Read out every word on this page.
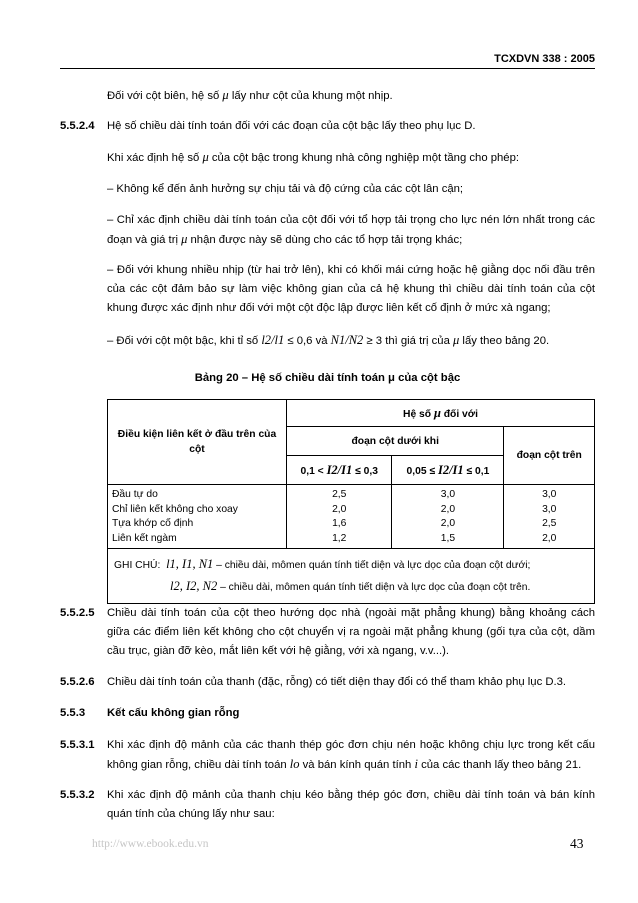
TCXDVN 338 : 2005
Đối với cột biên, hệ số μ lấy như cột của khung một nhịp.
5.5.2.4 Hệ số chiều dài tính toán đối với các đoạn của cột bậc lấy theo phụ lục D.
Khi xác định hệ số μ của cột bậc trong khung nhà công nghiệp một tầng cho phép:
– Không kể đến ảnh hưởng sự chịu tải và độ cứng của các cột lân cận;
– Chỉ xác định chiều dài tính toán của cột đối với tổ hợp tải trọng cho lực nén lớn nhất trong các đoạn và giá trị μ nhận được này sẽ dùng cho các tổ hợp tải trọng khác;
– Đối với khung nhiều nhịp (từ hai trở lên), khi có khối mái cứng hoặc hệ giằng dọc nối đầu trên của các cột đảm bảo sự làm việc không gian của cả hệ khung thì chiều dài tính toán của cột khung được xác định như đối với một cột độc lập được liên kết cố định ở mức xà ngang;
– Đối với cột một bậc, khi tỉ số l2/l1 ≤ 0,6 và N1/N2 ≥ 3 thì giá trị của μ lấy theo bảng 20.
Bảng 20 – Hệ số chiều dài tính toán μ của cột bậc
Điều kiện liên kết ở đầu trên của cột	Hệ số μ đối với		
	đoạn cột dưới khi		đoạn cột trên
	0,1 < I2/I1 ≤ 0,3	0,05 ≤ I2/I1 ≤ 0,1	
Đầu tự do	2,5	3,0	3,0
Chỉ liên kết không cho xoay	2,0	2,0	3,0
Tựa khớp cố định	1,6	2,0	2,5
Liên kết ngàm	1,2	1,5	2,0

GHI CHÚ: l1, I1, N1 – chiều dài, mômen quán tính tiết diện và lực dọc của đoạn cột dưới;
l2, I2, N2 – chiều dài, mômen quán tính tiết diện và lực dọc của đoạn cột trên.			
5.5.2.5 Chiều dài tính toán của cột theo hướng dọc nhà (ngoài mặt phẳng khung) bằng khoảng cách giữa các điểm liên kết không cho cột chuyển vị ra ngoài mặt phẳng khung (gối tựa của cột, dầm cầu trục, giàn đỡ kèo, mắt liên kết với hệ giằng, với xà ngang, v.v...).
5.5.2.6 Chiều dài tính toán của thanh (đặc, rỗng) có tiết diện thay đổi có thể tham khảo phụ lục D.3.
5.5.3 Kết cấu không gian rỗng
5.5.3.1 Khi xác định độ mảnh của các thanh thép góc đơn chịu nén hoặc không chịu lực trong kết cấu không gian rỗng, chiều dài tính toán lo và bán kính quán tính i của các thanh lấy theo bảng 21.
5.5.3.2 Khi xác định độ mảnh của thanh chịu kéo bằng thép góc đơn, chiều dài tính toán và bán kính quán tính của chúng lấy như sau:
http://www.ebook.edu.vn	43
